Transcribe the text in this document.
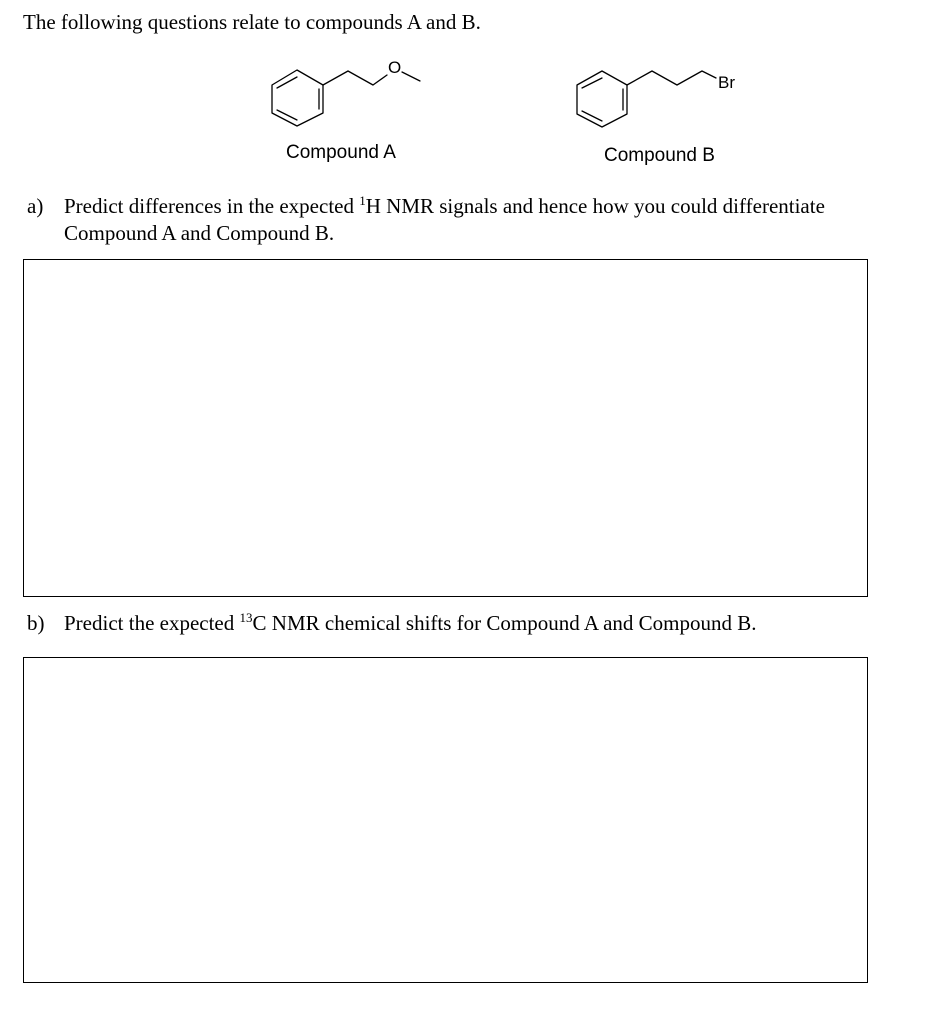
The following questions relate to compounds A and B.
O
Compound A
Br
Compound B
a) Predict differences in the expected $^1$H NMR signals and hence how you could differentiate
Compound A and Compound B.
b) Predict the expected $^{13}$C NMR chemical shifts for Compound A and Compound B.
